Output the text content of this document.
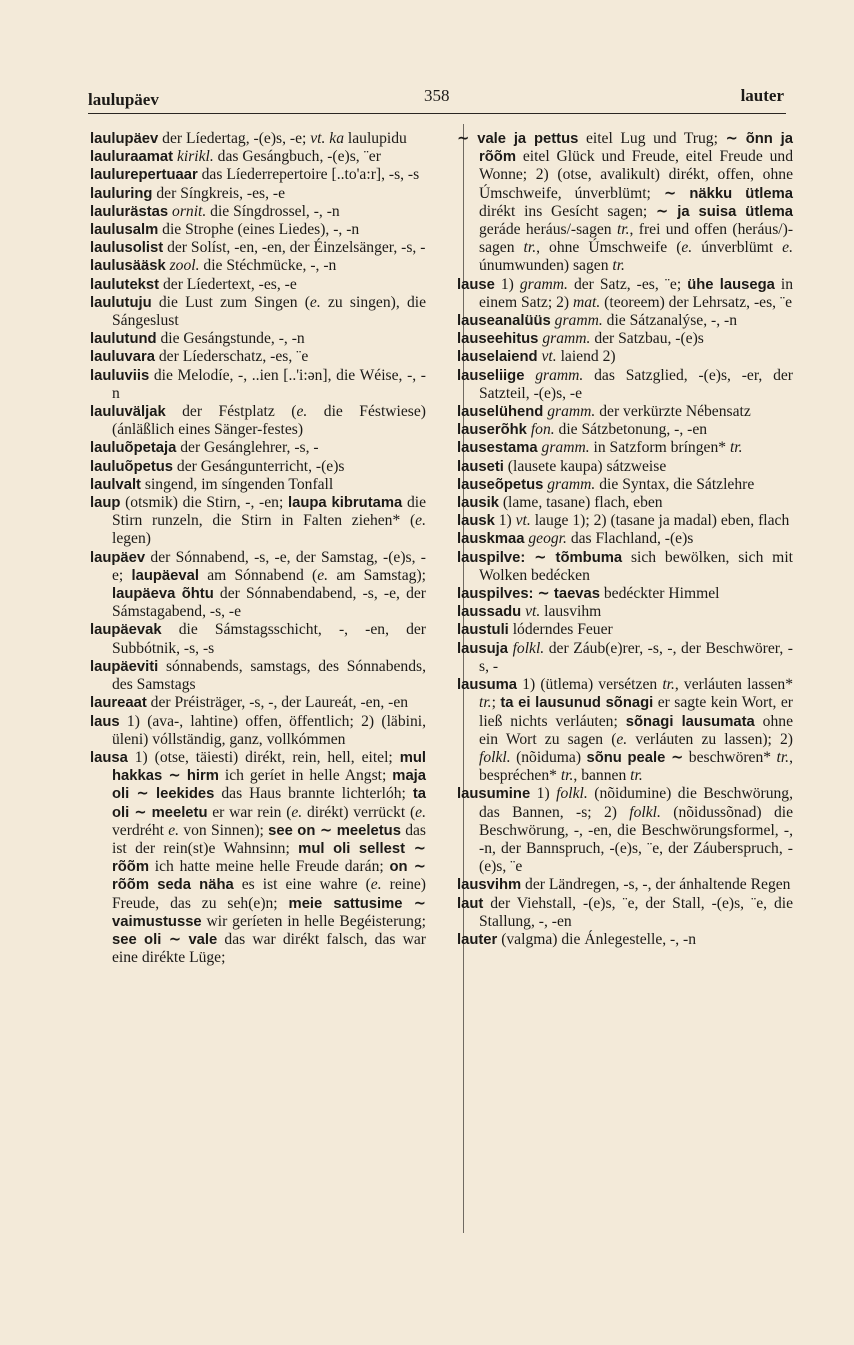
laulupäev	358	lauter
laulupäev der Líedertag, -(e)s, -e; vt. ka laulupidu
lauluraamat kirikl. das Gesángbuch, -(e)s, ¨er
laulurepertuaar das Líederrepertoire [..to'a:r], -s, -s
lauluring der Síngkreis, -es, -e
laulurästas ornit. die Síngdrossel, -, -n
laulusalm die Strophe (eines Liedes), -, -n
laulusolist der Solíst, -en, -en, der Éinzelsänger, -s, -
laulusääsk zool. die Stéchmücke, -, -n
laulutekst der Líedertext, -es, -e
laulutuju die Lust zum Singen (e. zu singen), die Sángeslust
laulutund die Gesángstunde, -, -n
lauluvara der Líederschatz, -es, ¨e
lauluviis die Melodíe, -, ..ien [..'i:ən], die Wéise, -, -n
lauluväljak der Féstplatz (e. die Féstwiese) (ánläßlich eines Sänger-festes)
lauluõpetaja der Gesánglehrer, -s, -
lauluõpetus der Gesángunterricht, -(e)s
laulvalt singend, im síngenden Tonfall
laup (otsmik) die Stirn, -, -en; laupa kibrutama die Stirn runzeln, die Stirn in Falten ziehen* (e. legen)
laupäev der Sónnabend, -s, -e, der Samstag, -(e)s, -e; laupäeval am Sónnabend (e. am Samstag); laupäeva õhtu der Sónnabendabend, -s, -e, der Sámstagabend, -s, -e
laupäevak die Sámstagsschicht, -, -en, der Subbótnik, -s, -s
laupäeviti sónnabends, samstags, des Sónnabends, des Samstags
laureaat der Préisträger, -s, -, der Laureát, -en, -en
laus 1) (ava-, lahtine) offen, öffentlich; 2) (läbini, üleni) vóllständig, ganz, vollkómmen
lausa 1) (otse, täiesti) dirékt, rein, hell, eitel; mul hakkas ~ hirm ich geríet in helle Angst; maja oli ~ leekides das Haus brannte lichterlóh; ta oli ~ meeletu er war rein (e. dirékt) verrückt (e. verdréht e. von Sinnen); see on ~ meeletus das ist der rein(st)e Wahnsinn; mul oli sellest ~ rõõm ich hatte meine helle Freude darán; on ~ rõõm seda näha es ist eine wahre (e. reine) Freude, das zu seh(e)n; meie sattusime ~ vaimustusse wir geríeten in helle Begéisterung; see oli ~ vale das war dirékt falsch, das war eine dirékte Lüge;
~ vale ja pettus eitel Lug und Trug; ~ õnn ja rõõm eitel Glück und Freude, eitel Freude und Wonne; 2) (otse, avalikult) dirékt, offen, ohne Úmschweife, únverblümt; ~ näkku ütlema dirékt ins Gesícht sagen; ~ ja suisa ütlema geráde heráus/-sagen tr., frei und offen (heráus/)-sagen tr., ohne Úmschweife (e. únverblümt e. únumwunden) sagen tr.
lause 1) gramm. der Satz, -es, ¨e; ühe lausega in einem Satz; 2) mat. (teoreem) der Lehrsatz, -es, ¨e
lauseanalüüs gramm. die Sátzanalýse, -, -n
lauseehitus gramm. der Satzbau, -(e)s
lauselaiend vt. laiend 2)
lauseliige gramm. das Satzglied, -(e)s, -er, der Satzteil, -(e)s, -e
lauselühend gramm. der verkürzte Nébensatz
lauserõhk fon. die Sátzbetonung, -, -en
lausestama gramm. in Satzform bríngen* tr.
lauseti (lausete kaupa) sátzweise
lauseõpetus gramm. die Syntax, die Sátzlehre
lausik (lame, tasane) flach, eben
lausk 1) vt. lauge 1); 2) (tasane ja madal) eben, flach
lauskmaa geogr. das Flachland, -(e)s
lauspilve: ~ tõmbuma sich bewölken, sich mit Wolken bedécken
lauspilves: ~ taevas bedéckter Himmel
laussadu vt. lausvihm
laustuli lóderndes Feuer
lausuja folkl. der Záub(e)rer, -s, -, der Beschwörer, -s, -
lausuma 1) (ütlema) versétzen tr., verláuten lassen* tr.; ta ei lausunud sõnagi er sagte kein Wort, er ließ nichts verláuten; sõnagi lausumata ohne ein Wort zu sagen (e. verláuten zu lassen); 2) folkl. (nõiduma) sõnu peale ~ beschwören* tr., bespréchen* tr., bannen tr.
lausumine 1) folkl. (nõidumine) die Beschwörung, das Bannen, -s; 2) folkl. (nõidussõnad) die Beschwörung, -, -en, die Beschwörungsformel, -, -n, der Bannspruch, -(e)s, ¨e, der Záuberspruch, -(e)s, ¨e
lausvihm der Ländregen, -s, -, der ánhaltende Regen
laut der Viehstall, -(e)s, ¨e, der Stall, -(e)s, ¨e, die Stallung, -, -en
lauter (valgma) die Ánlegestelle, -, -n
